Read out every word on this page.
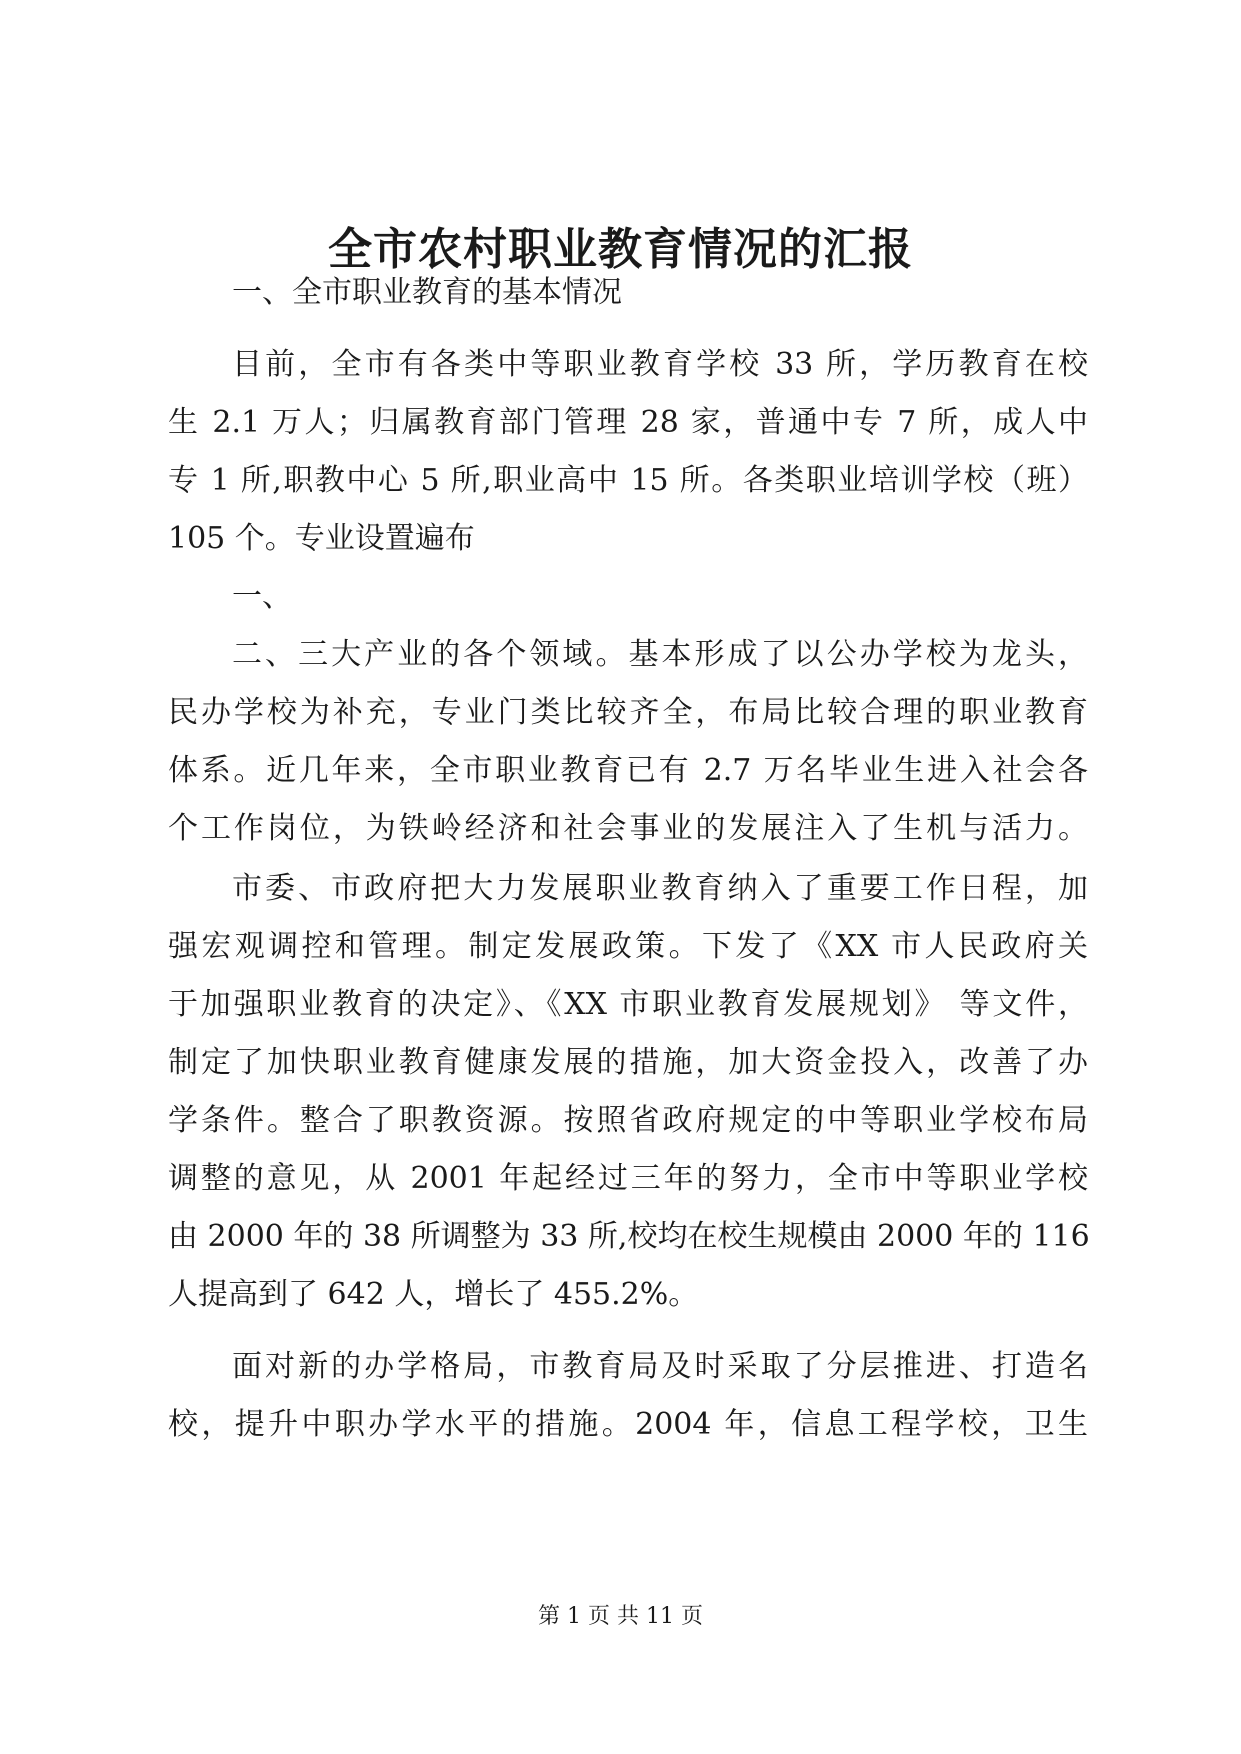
全市农村职业教育情况的汇报
一、全市职业教育的基本情况
目前，全市有各类中等职业教育学校 33 所，学历教育在校
生 2.1 万人；归属教育部门管理 28 家，普通中专 7 所，成人中
专 1 所,职教中心 5 所,职业高中 15 所。各类职业培训学校（班）
105 个。专业设置遍布
一、
二、三大产业的各个领域。基本形成了以公办学校为龙头，
民办学校为补充，专业门类比较齐全，布局比较合理的职业教育
体系。近几年来，全市职业教育已有 2.7 万名毕业生进入社会各
个工作岗位，为铁岭经济和社会事业的发展注入了生机与活力。
市委、市政府把大力发展职业教育纳入了重要工作日程，加
强宏观调控和管理。制定发展政策。下发了《XX 市人民政府关
于加强职业教育的决定》、《XX 市职业教育发展规划》 等文件，
制定了加快职业教育健康发展的措施，加大资金投入，改善了办
学条件。整合了职教资源。按照省政府规定的中等职业学校布局
调整的意见，从 2001 年起经过三年的努力，全市中等职业学校
由 2000 年的 38 所调整为 33 所,校均在校生规模由 2000 年的 116
人提高到了 642 人，增长了 455.2%。
面对新的办学格局，市教育局及时采取了分层推进、打造名
校，提升中职办学水平的措施。2004 年，信息工程学校，卫生
第 1 页 共 11 页
